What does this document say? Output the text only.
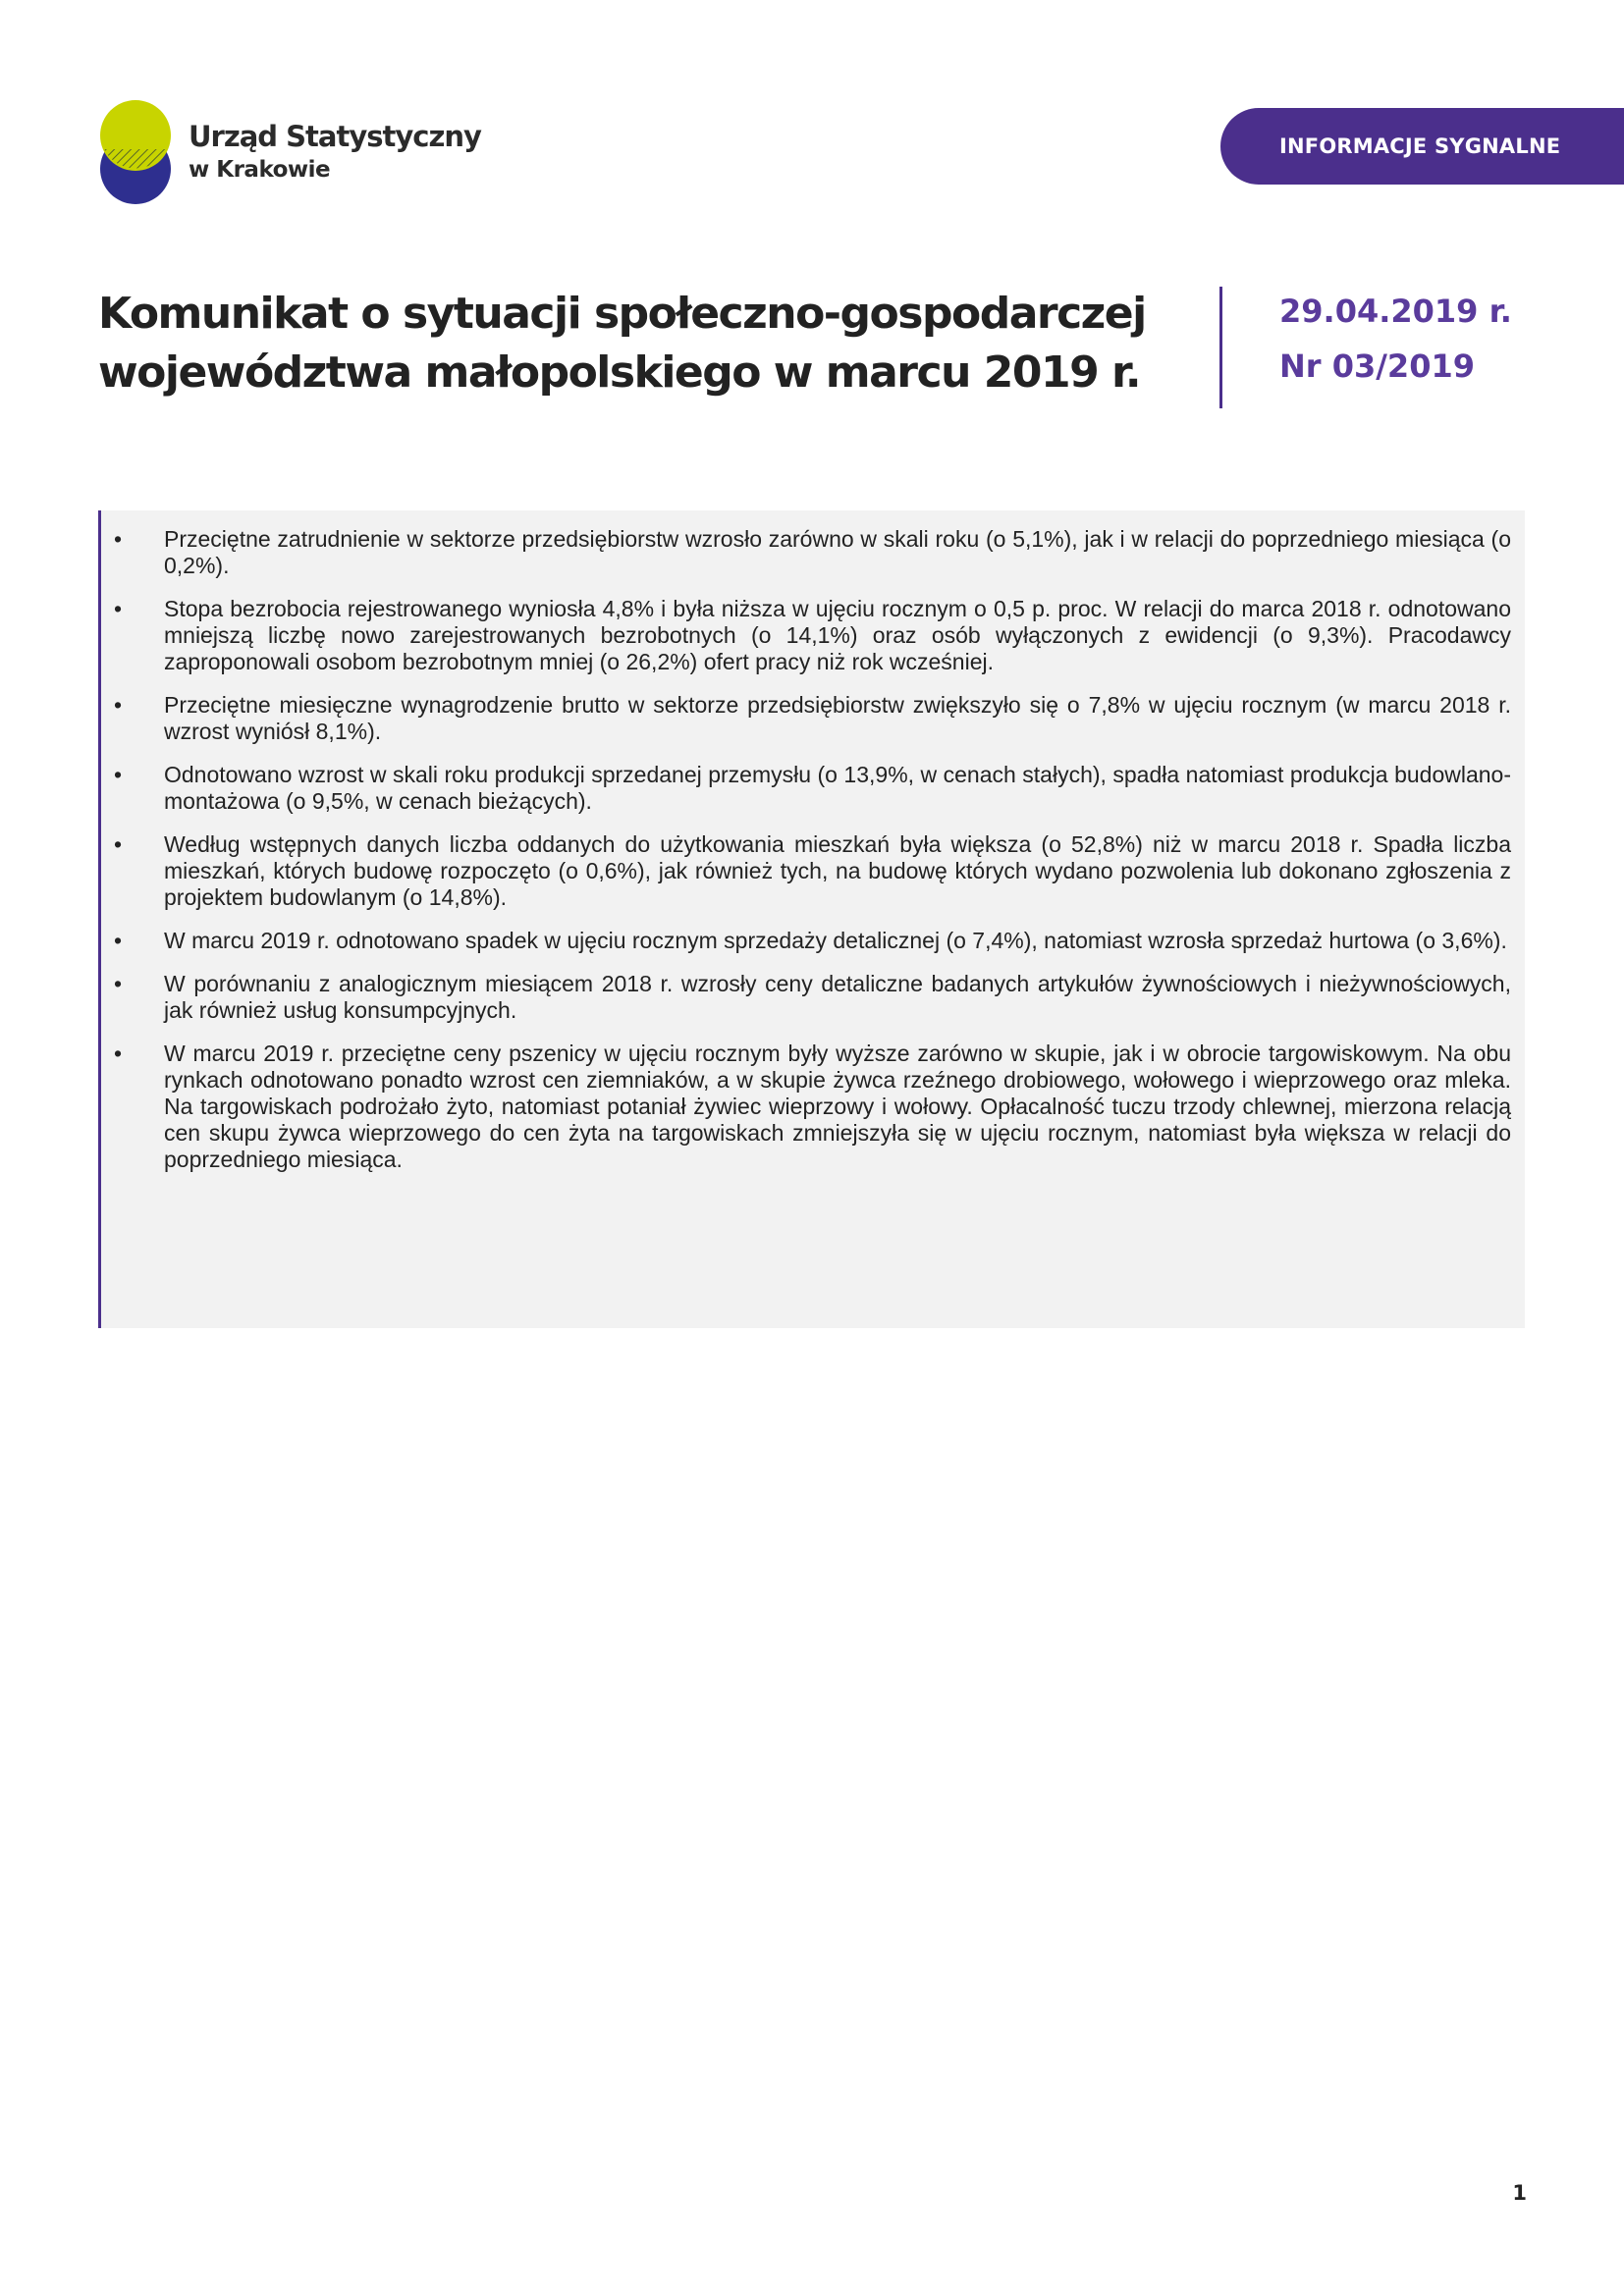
Urząd Statystyczny
w Krakowie
INFORMACJE SYGNALNE
Komunikat o sytuacji społeczno-gospodarczej
województwa małopolskiego w marcu 2019 r.
29.04.2019 r.
Nr 03/2019
• Przeciętne zatrudnienie w sektorze przedsiębiorstw wzrosło zarówno w skali roku (o 5,1%), jak i w relacji do poprzedniego miesiąca (o 0,2%).
• Stopa bezrobocia rejestrowanego wyniosła 4,8% i była niższa w ujęciu rocznym o 0,5 p. proc. W relacji do marca 2018 r. odnotowano mniejszą liczbę nowo zarejestrowanych bezrobotnych (o 14,1%) oraz osób wyłączonych z ewidencji (o 9,3%). Pracodawcy zaproponowali osobom bezrobotnym mniej (o 26,2%) ofert pracy niż rok wcześniej.
• Przeciętne miesięczne wynagrodzenie brutto w sektorze przedsiębiorstw zwiększyło się o 7,8% w ujęciu rocznym (w marcu 2018 r. wzrost wyniósł 8,1%).
• Odnotowano wzrost w skali roku produkcji sprzedanej przemysłu (o 13,9%, w cenach stałych), spadła natomiast produkcja budowlano-montażowa (o 9,5%, w cenach bieżących).
• Według wstępnych danych liczba oddanych do użytkowania mieszkań była większa (o 52,8%) niż w marcu 2018 r. Spadła liczba mieszkań, których budowę rozpoczęto (o 0,6%), jak również tych, na budowę których wydano pozwolenia lub dokonano zgłoszenia z projektem budowlanym (o 14,8%).
• W marcu 2019 r. odnotowano spadek w ujęciu rocznym sprzedaży detalicznej (o 7,4%), natomiast wzrosła sprzedaż hurtowa (o 3,6%).
• W porównaniu z analogicznym miesiącem 2018 r. wzrosły ceny detaliczne badanych artykułów żywnościowych i nieżywnościowych, jak również usług konsumpcyjnych.
• W marcu 2019 r. przeciętne ceny pszenicy w ujęciu rocznym były wyższe zarówno w skupie, jak i w obrocie targowiskowym. Na obu rynkach odnotowano ponadto wzrost cen ziemniaków, a w skupie żywca rzeźnego drobiowego, wołowego i wieprzowego oraz mleka. Na targowiskach podrożało żyto, natomiast potaniał żywiec wieprzowy i wołowy. Opłacalność tuczu trzody chlewnej, mierzona relacją cen skupu żywca wieprzowego do cen żyta na targowiskach zmniejszyła się w ujęciu rocznym, natomiast była większa w relacji do poprzedniego miesiąca.
1
